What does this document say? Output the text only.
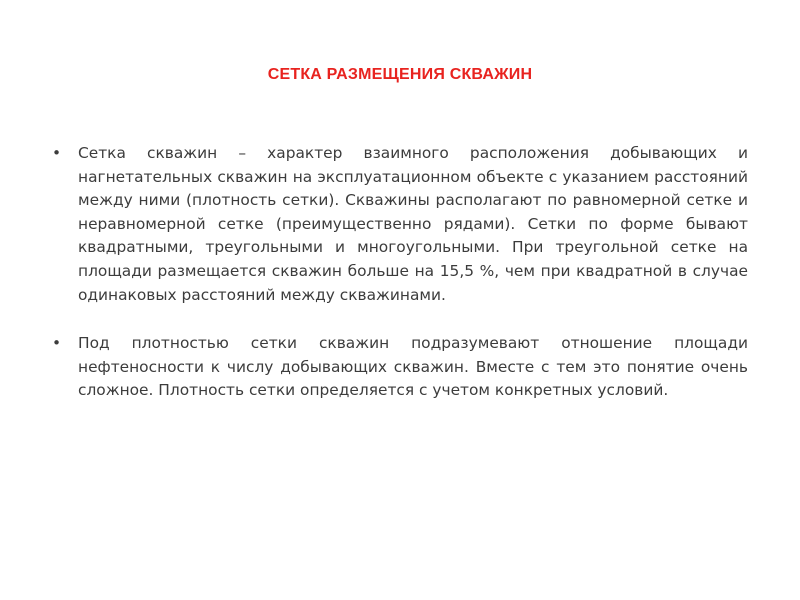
СЕТКА РАЗМЕЩЕНИЯ СКВАЖИН
•	Сетка скважин – характер взаимного расположения добывающих и нагнетательных скважин на эксплуатационном объекте с указанием расстояний между ними (плотность сетки). Скважины располагают по равномерной сетке и неравномерной сетке (преимущественно рядами). Сетки по форме бывают квадратными, треугольными и многоугольными. При треугольной сетке на площади размещается скважин больше на 15,5 %, чем при квадратной в случае одинаковых расстояний между скважинами.
•	Под плотностью сетки скважин подразумевают отношение площади нефтеносности к числу добывающих скважин. Вместе с тем это понятие очень сложное. Плотность сетки определяется с учетом конкретных условий.
